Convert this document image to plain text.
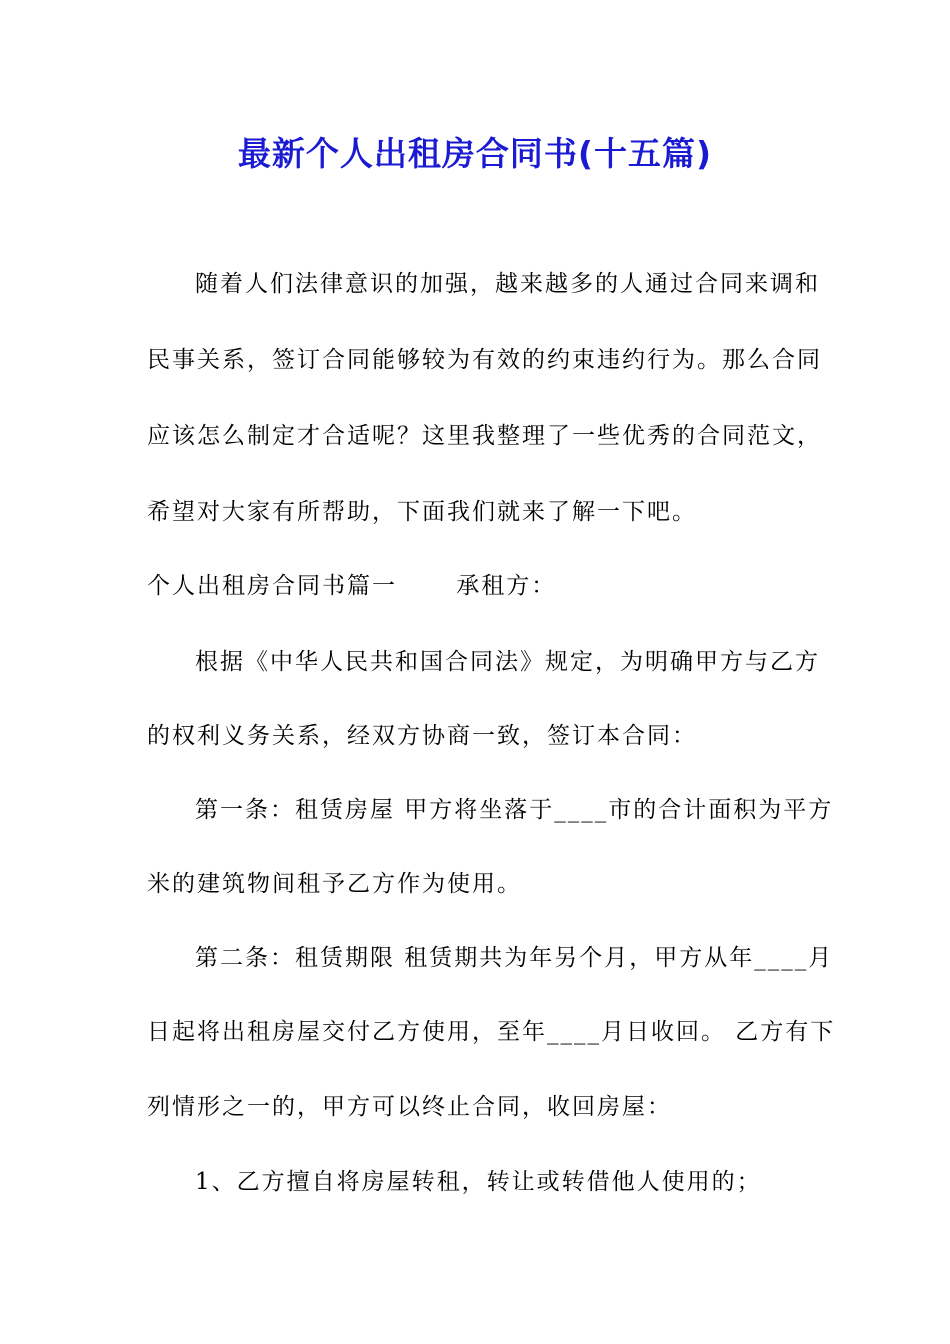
最新个人出租房合同书(十五篇)
随着人们法律意识的加强，越来越多的人通过合同来调和
民事关系，签订合同能够较为有效的约束违约行为。那么合同
应该怎么制定才合适呢？这里我整理了一些优秀的合同范文，
希望对大家有所帮助，下面我们就来了解一下吧。
个人出租房合同书篇一　　 承租方：
根据《中华人民共和国合同法》规定，为明确甲方与乙方
的权利义务关系，经双方协商一致，签订本合同：
第一条：租赁房屋 甲方将坐落于____市的合计面积为平方
米的建筑物间租予乙方作为使用。
第二条：租赁期限 租赁期共为年另个月，甲方从年____月
日起将出租房屋交付乙方使用，至年____月日收回。 乙方有下
列情形之一的，甲方可以终止合同，收回房屋：
1、乙方擅自将房屋转租，转让或转借他人使用的；
